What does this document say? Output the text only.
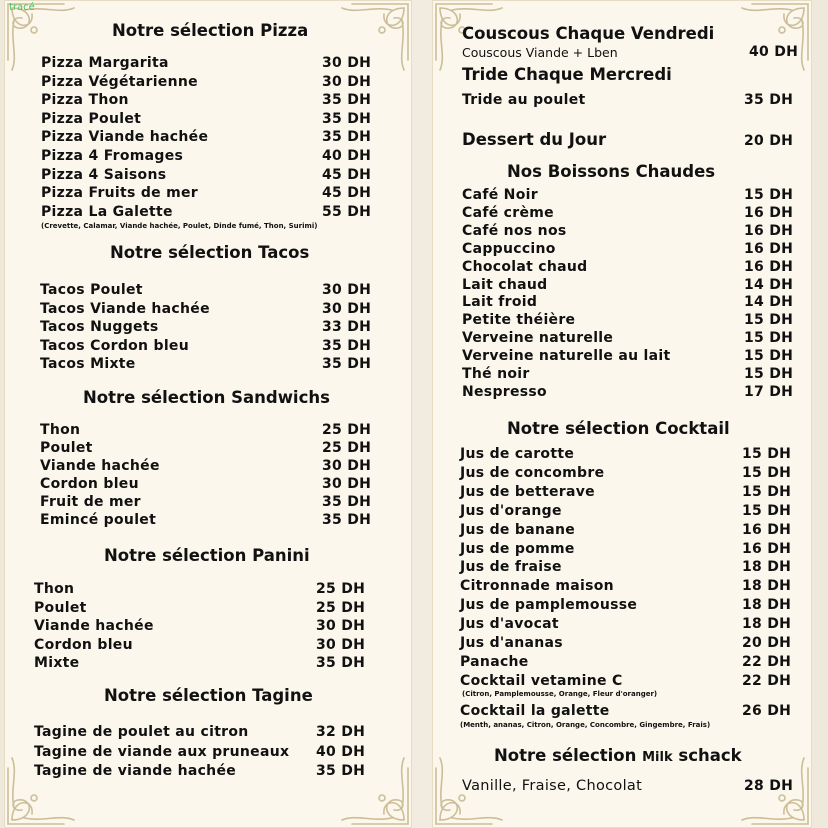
tracé
Notre sélection Pizza
Pizza Margarita	30 DH
Pizza Végétarienne	30 DH
Pizza Thon	35 DH
Pizza Poulet	35 DH
Pizza Viande hachée	35 DH
Pizza 4 Fromages	40 DH
Pizza 4 Saisons	45 DH
Pizza Fruits de mer	45 DH
Pizza La Galette	55 DH
(Crevette, Calamar, Viande hachée, Poulet, Dinde fumé, Thon, Surimi)
Notre sélection Tacos
Tacos Poulet	30 DH
Tacos Viande hachée	30 DH
Tacos Nuggets	33 DH
Tacos Cordon bleu	35 DH
Tacos Mixte	35 DH
Notre sélection Sandwichs
Thon	25 DH
Poulet	25 DH
Viande hachée	30 DH
Cordon bleu	30 DH
Fruit de mer	35 DH
Emincé poulet	35 DH
Notre sélection Panini
Thon	25 DH
Poulet	25 DH
Viande hachée	30 DH
Cordon bleu	30 DH
Mixte	35 DH
Notre sélection Tagine
Tagine de poulet au citron	32 DH
Tagine de viande aux pruneaux 40 DH
Tagine de viande hachée	35 DH
Couscous Chaque Vendredi
Couscous Viande + Lben	40 DH
Tride Chaque Mercredi
Tride au poulet	35 DH
Dessert du Jour	20 DH
Nos Boissons Chaudes
Café Noir	15 DH
Café crème	16 DH
Café nos nos	16 DH
Cappuccino	16 DH
Chocolat chaud	16 DH
Lait chaud	14 DH
Lait froid	14 DH
Petite théière	15 DH
Verveine naturelle	15 DH
Verveine naturelle au lait	15 DH
Thé noir	15 DH
Nespresso	17 DH
Notre sélection Cocktail
Jus de carotte	15 DH
Jus de concombre	15 DH
Jus de betterave	15 DH
Jus d'orange	15 DH
Jus de banane	16 DH
Jus de pomme	16 DH
Jus de fraise	18 DH
Citronnade maison	18 DH
Jus de pamplemousse	18 DH
Jus d'avocat	18 DH
Jus d'ananas	20 DH
Panache	22 DH
Cocktail vetamine C	22 DH
Cocktail la galette	26 DH
(Citron, Pamplemousse, Orange, Fleur d'oranger)
(Menth, ananas, Citron, Orange, Concombre, Gingembre, Frais)
Notre sélection Milk schack
Vanille, Fraise, Chocolat	28 DH
